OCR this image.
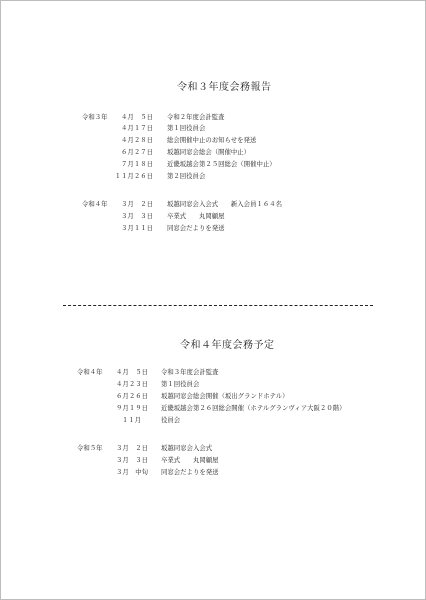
令和３年度会務報告
令和３年 ４月　５日 令和２年度会計監査
４月１７日 第１回役員会
４月２８日 総会開催中止のお知らせを発送
６月２７日 坂越同窓会総会（開催中止）
７月１８日 近畿坂越会第２５回総会（開催中止）
１１月２６日 第２回役員会
令和４年 ３月　２日 坂越同窓会入会式　　新入会員１６４名
３月　３日 卒業式　　丸岡顧屋
３月１１日 同窓会だよりを発送
令和４年度会務予定
令和４年 ４月　５日 令和３年度会計監査
４月２３日 第１回役員会
６月２６日 坂越同窓会総会開催（坂出グランドホテル）
９月１９日 近畿坂越会第２６回総会開催（ホテルグランヴィア大阪２０階）
１１月	役員会
令和５年 ３月　２日 坂越同窓会入会式
３月　３日 卒業式　　丸岡顧屋
３月　中旬 同窓会だよりを発送
